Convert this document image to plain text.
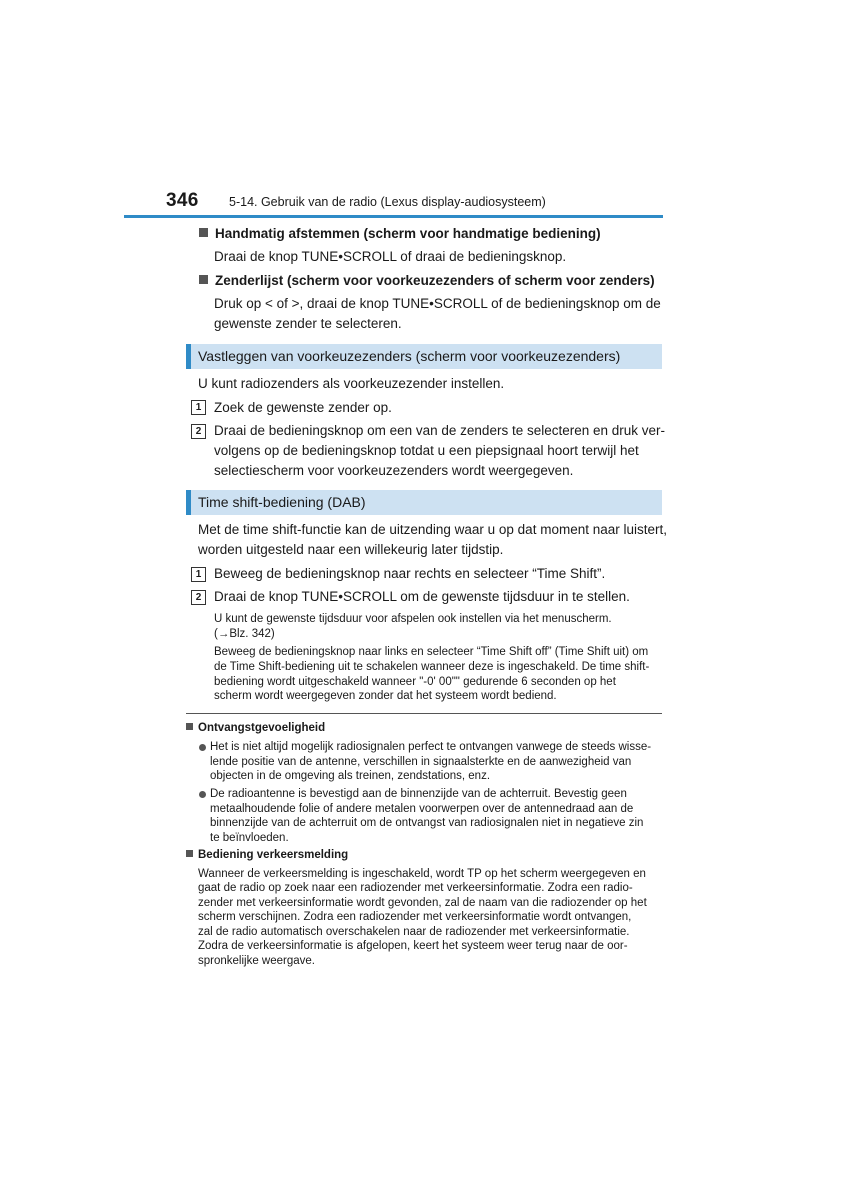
346 5-14. Gebruik van de radio (Lexus display-audiosysteem)
Handmatig afstemmen (scherm voor handmatige bediening)
Draai de knop TUNE•SCROLL of draai de bedieningsknop.
Zenderlijst (scherm voor voorkeuzezenders of scherm voor zenders)
Druk op < of >, draai de knop TUNE•SCROLL of de bedieningsknop om de
gewenste zender te selecteren.
Vastleggen van voorkeuzezenders (scherm voor voorkeuzezenders)
U kunt radiozenders als voorkeuzezender instellen.
1 Zoek de gewenste zender op.
2 Draai de bedieningsknop om een van de zenders te selecteren en druk ver-
volgens op de bedieningsknop totdat u een piepsignaal hoort terwijl het
selectiescherm voor voorkeuzezenders wordt weergegeven.
Time shift-bediening (DAB)
Met de time shift-functie kan de uitzending waar u op dat moment naar luistert,
worden uitgesteld naar een willekeurig later tijdstip.
1 Beweeg de bedieningsknop naar rechts en selecteer “Time Shift”.
2 Draai de knop TUNE•SCROLL om de gewenste tijdsduur in te stellen.
U kunt de gewenste tijdsduur voor afspelen ook instellen via het menuscherm.
(→Blz. 342)
Beweeg de bedieningsknop naar links en selecteer “Time Shift off” (Time Shift uit) om
de Time Shift-bediening uit te schakelen wanneer deze is ingeschakeld. De time shift-
bediening wordt uitgeschakeld wanneer "-0' 00"" gedurende 6 seconden op het
scherm wordt weergegeven zonder dat het systeem wordt bediend.
Ontvangstgevoeligheid
Het is niet altijd mogelijk radiosignalen perfect te ontvangen vanwege de steeds wisse-
lende positie van de antenne, verschillen in signaalsterkte en de aanwezigheid van
objecten in de omgeving als treinen, zendstations, enz.
De radioantenne is bevestigd aan de binnenzijde van de achterruit. Bevestig geen
metaalhoudende folie of andere metalen voorwerpen over de antennedraad aan de
binnenzijde van de achterruit om de ontvangst van radiosignalen niet in negatieve zin
te beïnvloeden.
Bediening verkeersmelding
Wanneer de verkeersmelding is ingeschakeld, wordt TP op het scherm weergegeven en
gaat de radio op zoek naar een radiozender met verkeersinformatie. Zodra een radio-
zender met verkeersinformatie wordt gevonden, zal de naam van die radiozender op het
scherm verschijnen. Zodra een radiozender met verkeersinformatie wordt ontvangen,
zal de radio automatisch overschakelen naar de radiozender met verkeersinformatie.
Zodra de verkeersinformatie is afgelopen, keert het systeem weer terug naar de oor-
spronkelijke weergave.
